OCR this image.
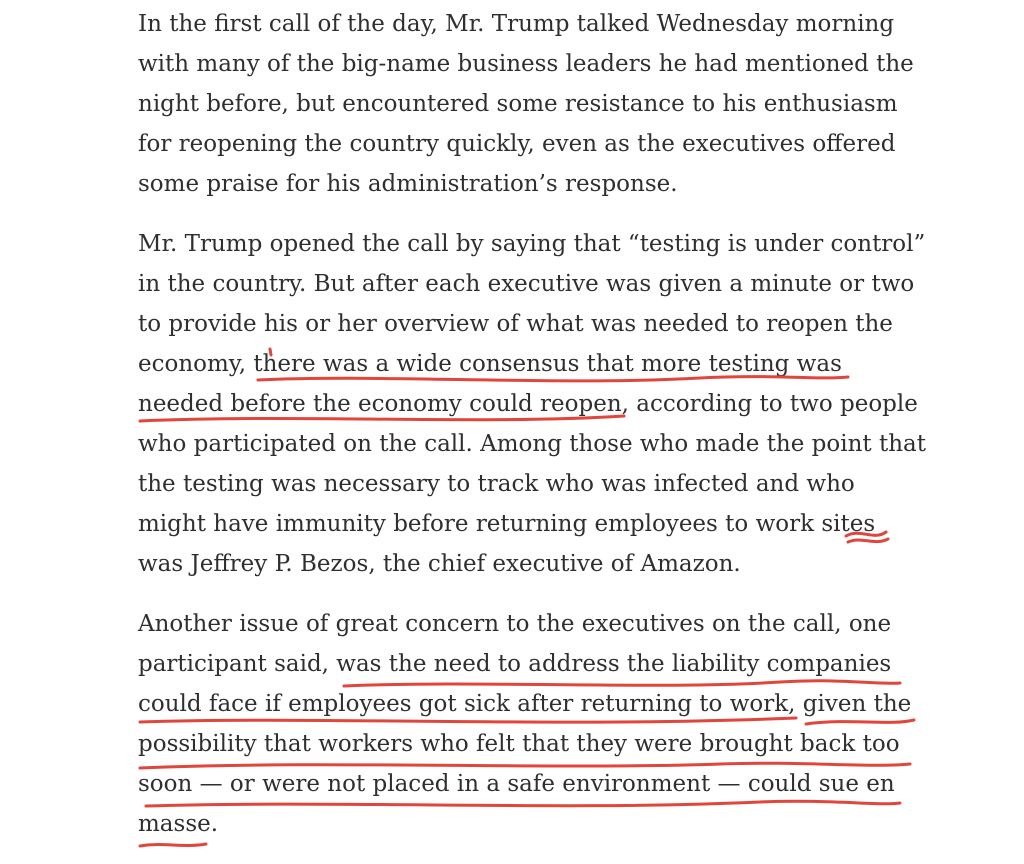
In the first call of the day, Mr. Trump talked Wednesday morning
with many of the big-name business leaders he had mentioned the
night before, but encountered some resistance to his enthusiasm
for reopening the country quickly, even as the executives offered
some praise for his administration’s response.
Mr. Trump opened the call by saying that “testing is under control”
in the country. But after each executive was given a minute or two
to provide his or her overview of what was needed to reopen the
economy, there was a wide consensus that more testing was
needed before the economy could reopen, according to two people
who participated on the call. Among those who made the point that
the testing was necessary to track who was infected and who
might have immunity before returning employees to work sites
was Jeffrey P. Bezos, the chief executive of Amazon.
Another issue of great concern to the executives on the call, one
participant said, was the need to address the liability companies
could face if employees got sick after returning to work, given the
possibility that workers who felt that they were brought back too
soon — or were not placed in a safe environment — could sue en
masse.
